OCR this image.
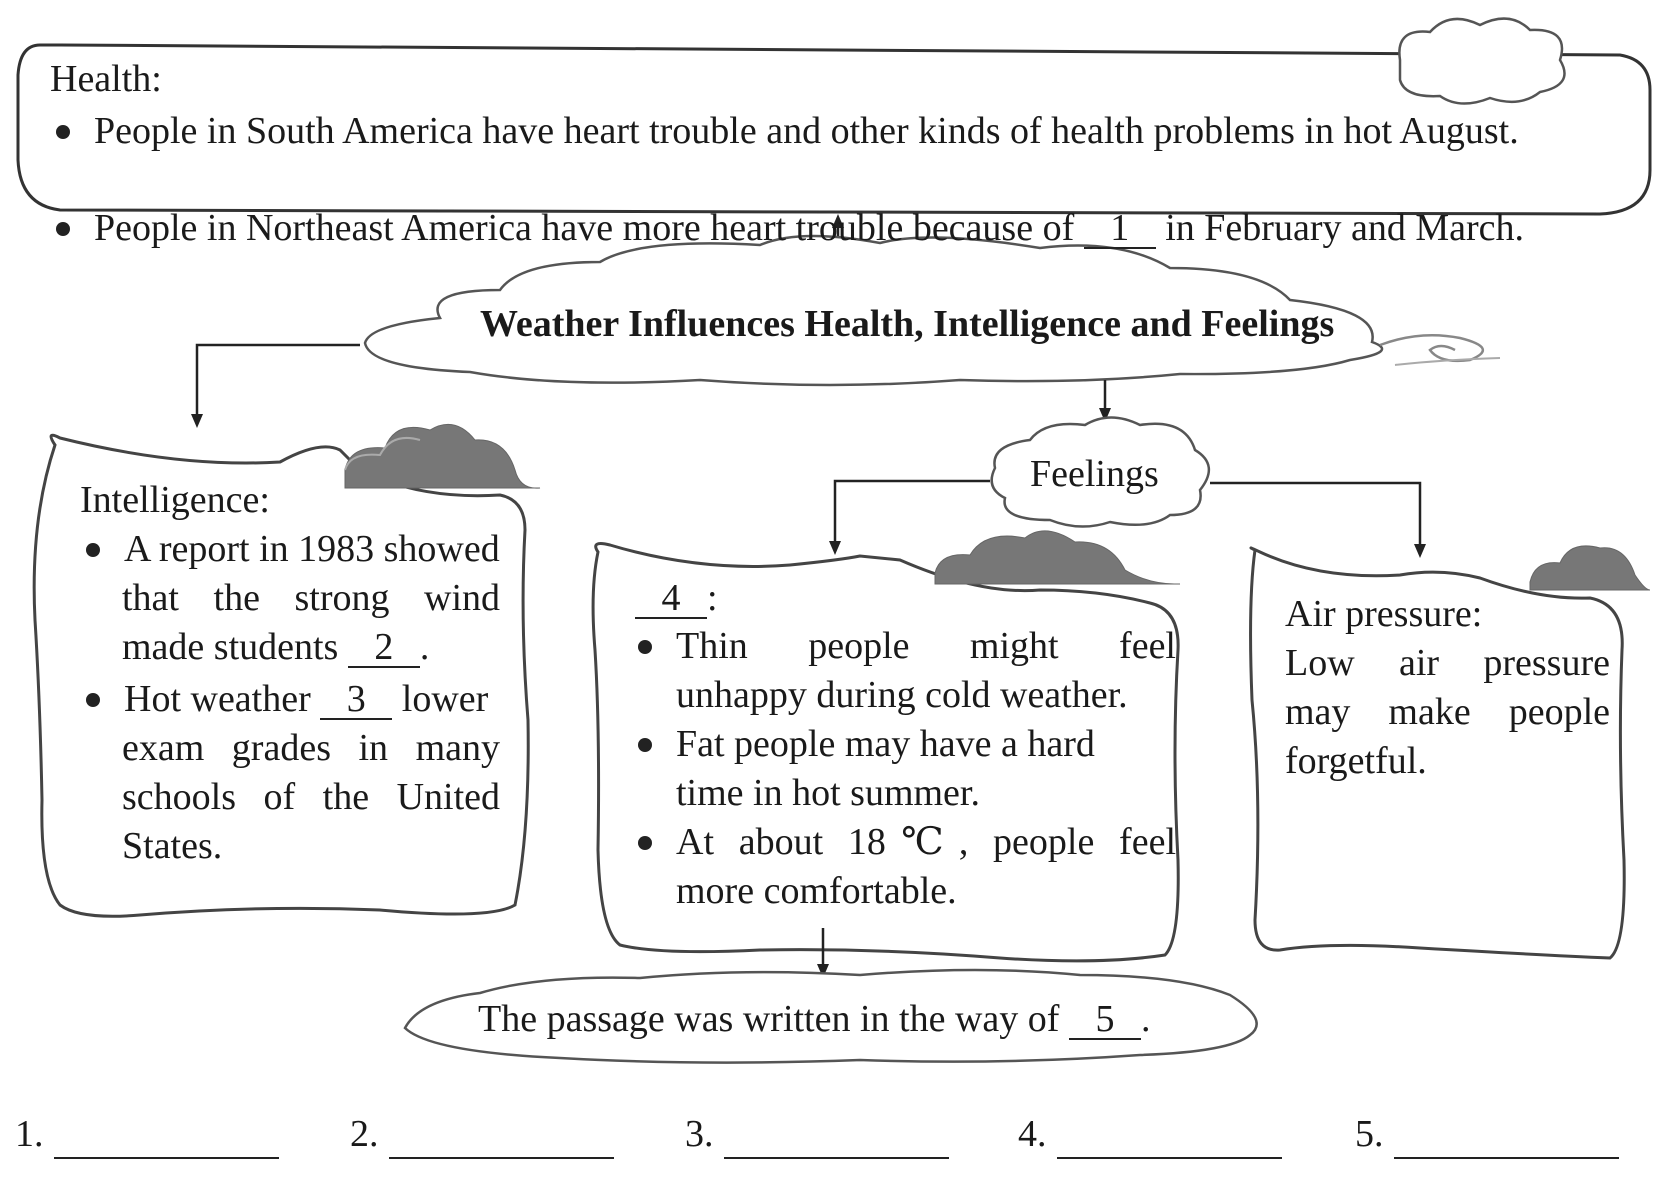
Health:

People in South America have heart trouble and other kinds of health problems in hot August.

People in Northeast America have more heart trouble because of 1 in February and March.

Weather Influences Health, Intelligence and Feelings

Intelligence:

A report in 1983 showed

that the strong wind

made students 2 .

Hot weather 3 lower

exam grades in many

schools of the United

States.

Feelings

4 :

Thin people might feel

unhappy during cold weather.

Fat people may have a hard

time in hot summer.

At about 18℃, people feel

more comfortable.

Air pressure:

Low air pressure

may make people

forgetful.

The passage was written in the way of 5 .

1.	2.	3.	4.	5.
